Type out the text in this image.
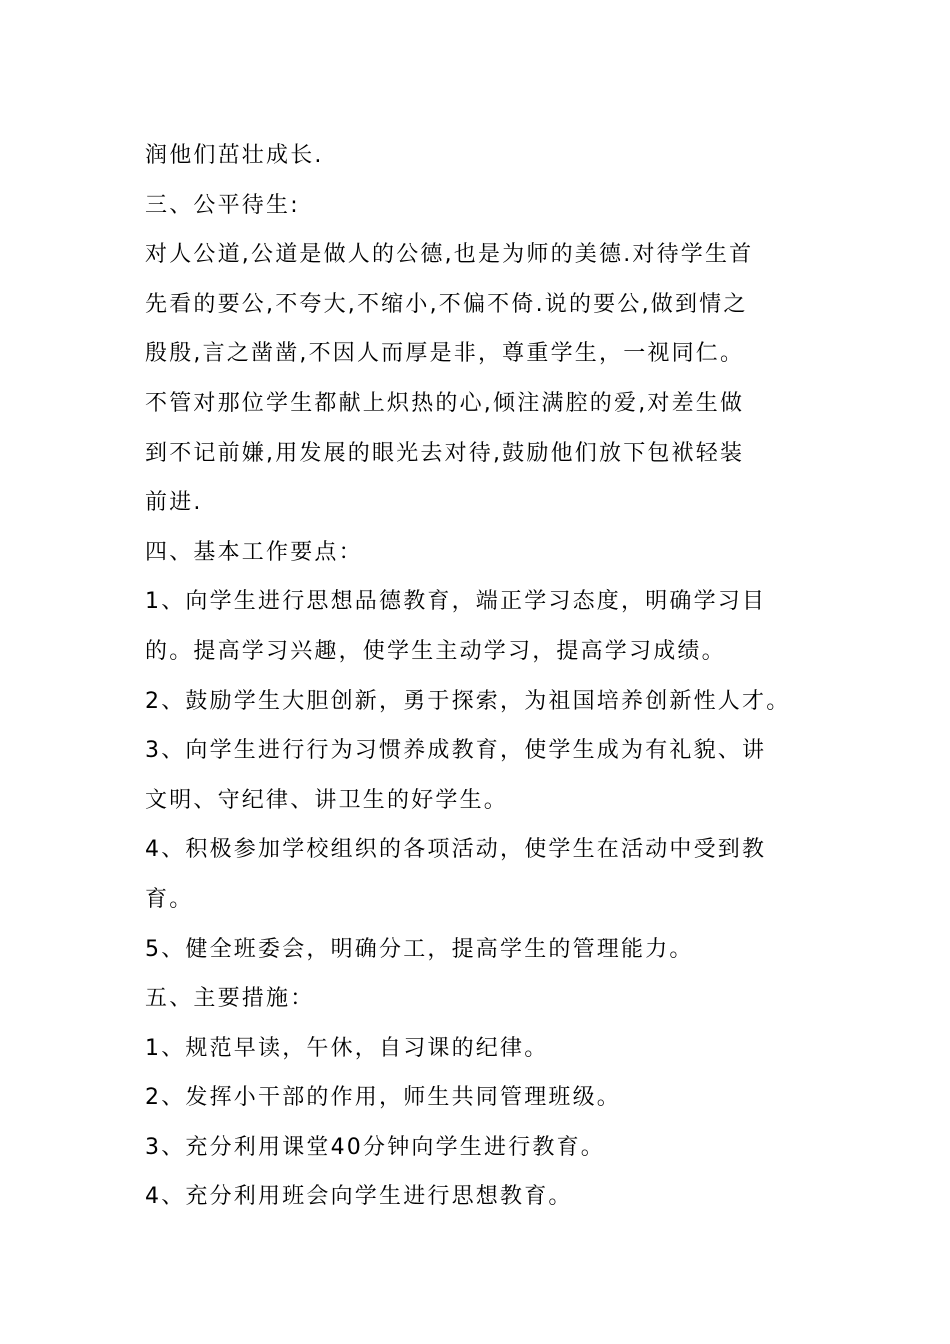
润他们茁壮成长.
三、公平待生:
对人公道,公道是做人的公德,也是为师的美德.对待学生首
先看的要公,不夸大,不缩小,不偏不倚.说的要公,做到情之
殷殷,言之凿凿,不因人而厚是非，尊重学生，一视同仁。
不管对那位学生都献上炽热的心,倾注满腔的爱,对差生做
到不记前嫌,用发展的眼光去对待,鼓励他们放下包袱轻装
前进.
四、基本工作要点：
1、向学生进行思想品德教育，端正学习态度，明确学习目
的。提高学习兴趣，使学生主动学习，提高学习成绩。
2、鼓励学生大胆创新，勇于探索，为祖国培养创新性人才。
3、向学生进行行为习惯养成教育，使学生成为有礼貌、讲
文明、守纪律、讲卫生的好学生。
4、积极参加学校组织的各项活动，使学生在活动中受到教
育。
5、健全班委会，明确分工，提高学生的管理能力。
五、主要措施：
1、规范早读，午休，自习课的纪律。
2、发挥小干部的作用，师生共同管理班级。
3、充分利用课堂40分钟向学生进行教育。
4、充分利用班会向学生进行思想教育。
